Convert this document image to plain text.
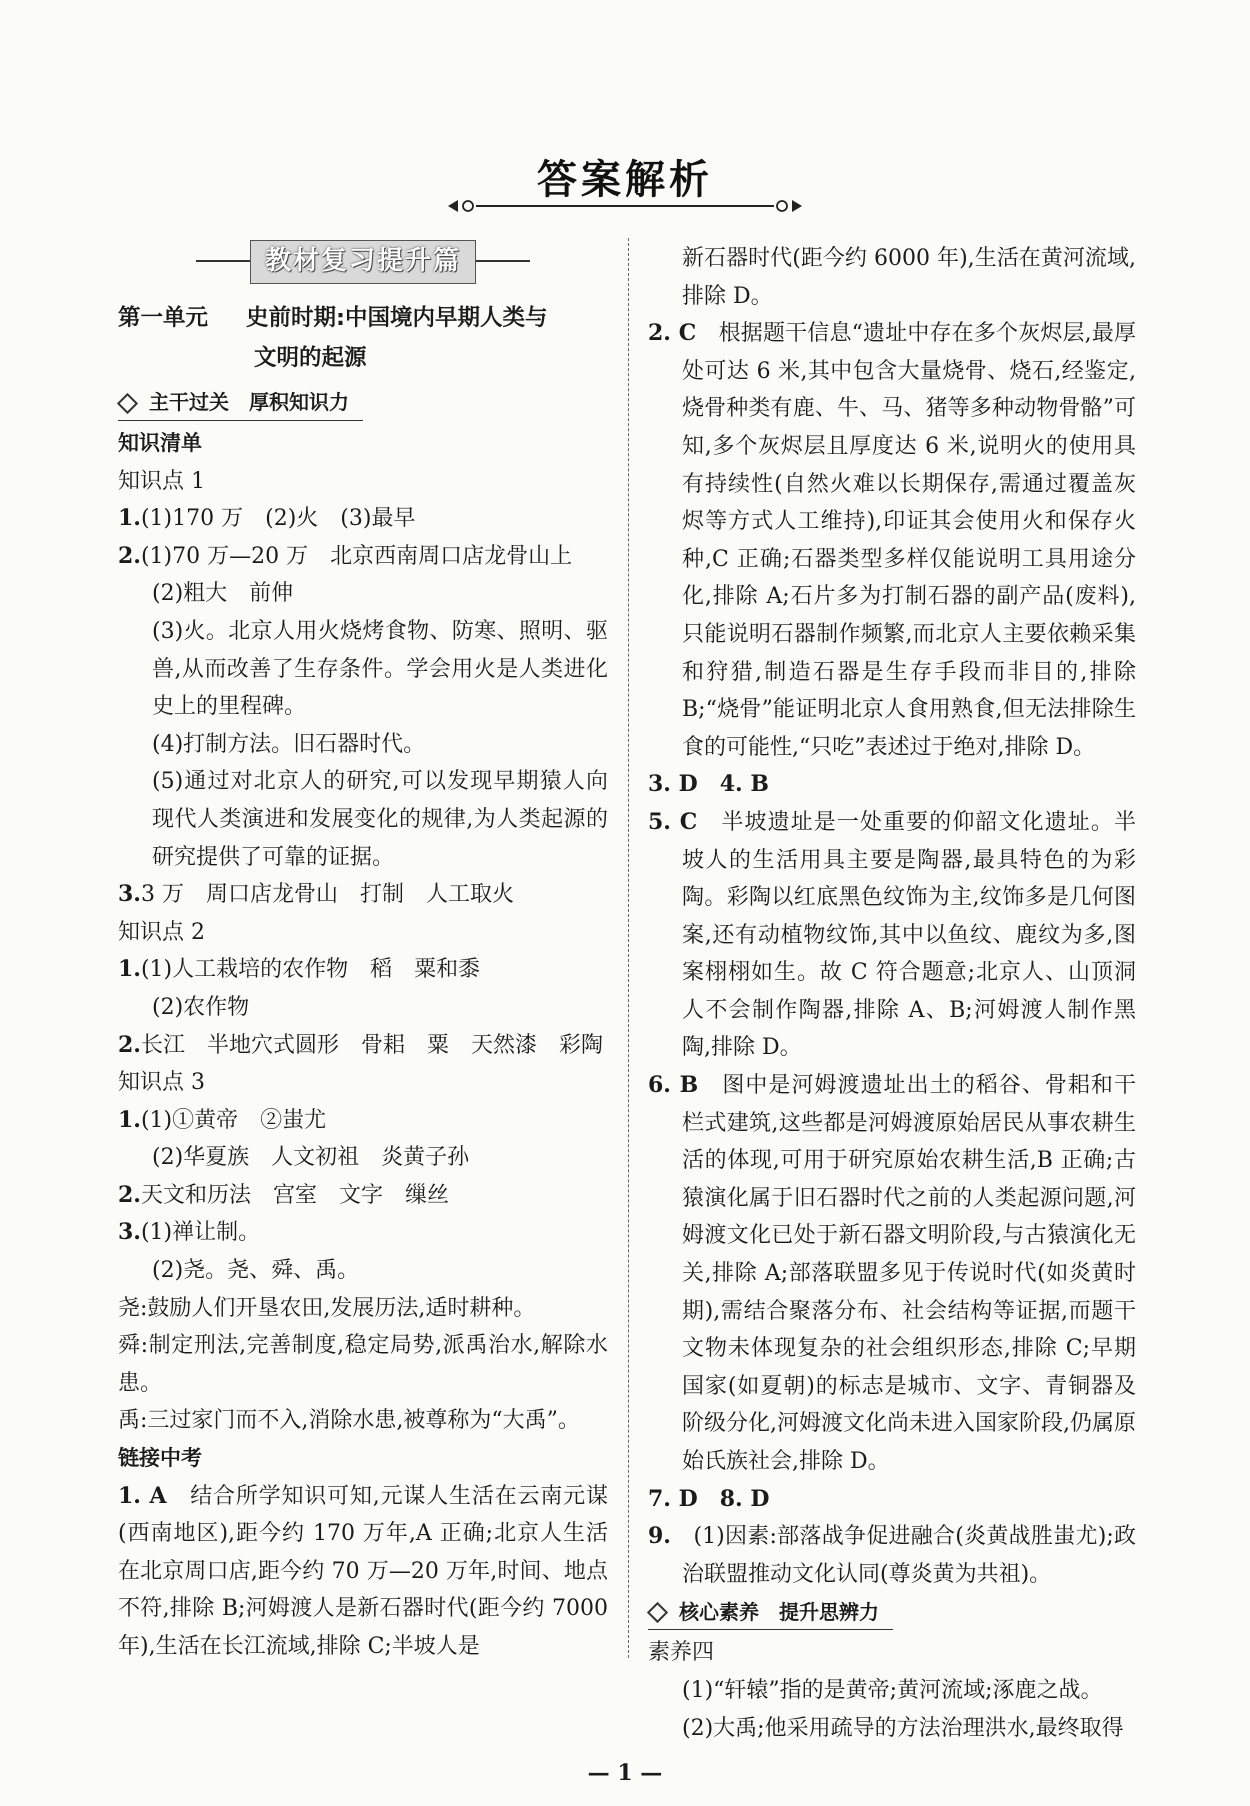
答案解析
教材复习提升篇
第一单元 史前时期:中国境内早期人类与
文明的起源
主干过关　厚积知识力

知识清单

知识点 1

1.(1)170 万　(2)火　(3)最早

2.(1)70 万—20 万　北京西南周口店龙骨山上

(2)粗大　前伸

(3)火。北京人用火烧烤食物、防寒、照明、驱兽,从而改善了生存条件。学会用火是人类进化史上的里程碑。

(4)打制方法。旧石器时代。

(5)通过对北京人的研究,可以发现早期猿人向现代人类演进和发展变化的规律,为人类起源的研究提供了可靠的证据。

3.3 万　周口店龙骨山　打制　人工取火

知识点 2

1.(1)人工栽培的农作物　稻　粟和黍

(2)农作物

2.长江　半地穴式圆形　骨耜　粟　天然漆　彩陶

知识点 3

1.(1)①黄帝　②蚩尤

(2)华夏族　人文初祖　炎黄子孙

2.天文和历法　宫室　文字　缫丝

3.(1)禅让制。

(2)尧。尧、舜、禹。

尧:鼓励人们开垦农田,发展历法,适时耕种。

舜:制定刑法,完善制度,稳定局势,派禹治水,解除水患。

禹:三过家门而不入,消除水患,被尊称为“大禹”。

链接中考

1. A　 结合所学知识可知,元谋人生活在云南元谋(西南地区),距今约 170 万年,A 正确;北京人生活在北京周口店,距今约 70 万—20 万年,时间、地点不符,排除 B;河姆渡人是新石器时代(距今约 7000 年),生活在长江流域,排除 C;半坡人是

新石器时代(距今约 6000 年),生活在黄河流域,排除 D。

2. C　 根据题干信息“遗址中存在多个灰烬层,最厚处可达 6 米,其中包含大量烧骨、烧石,经鉴定,烧骨种类有鹿、牛、马、猪等多种动物骨骼”可知,多个灰烬层且厚度达 6 米,说明火的使用具有持续性(自然火难以长期保存,需通过覆盖灰烬等方式人工维持),印证其会使用火和保存火种,C 正确;石器类型多样仅能说明工具用途分化,排除 A;石片多为打制石器的副产品(废料),只能说明石器制作频繁,而北京人主要依赖采集和狩猎,制造石器是生存手段而非目的,排除 B;“烧骨”能证明北京人食用熟食,但无法排除生食的可能性,“只吃”表述过于绝对,排除 D。

3. D　4. B

5. C　 半坡遗址是一处重要的仰韶文化遗址。半坡人的生活用具主要是陶器,最具特色的为彩陶。彩陶以红底黑色纹饰为主,纹饰多是几何图案,还有动植物纹饰,其中以鱼纹、鹿纹为多,图案栩栩如生。故 C 符合题意;北京人、山顶洞人不会制作陶器,排除 A、B;河姆渡人制作黑陶,排除 D。

6. B　 图中是河姆渡遗址出土的稻谷、骨耜和干栏式建筑,这些都是河姆渡原始居民从事农耕生活的体现,可用于研究原始农耕生活,B 正确;古猿演化属于旧石器时代之前的人类起源问题,河姆渡文化已处于新石器文明阶段,与古猿演化无关,排除 A;部落联盟多见于传说时代(如炎黄时期),需结合聚落分布、社会结构等证据,而题干文物未体现复杂的社会组织形态,排除 C;早期国家(如夏朝)的标志是城市、文字、青铜器及阶级分化,河姆渡文化尚未进入国家阶段,仍属原始氏族社会,排除 D。

7. D　8. D

9.　 (1)因素:部落战争促进融合(炎黄战胜蚩尤);政治联盟推动文化认同(尊炎黄为共祖)。

核心素养　提升思辨力

素养四

(1)“轩辕”指的是黄帝;黄河流域;涿鹿之战。

(2)大禹;他采用疏导的方法治理洪水,最终取得

— 1 —
